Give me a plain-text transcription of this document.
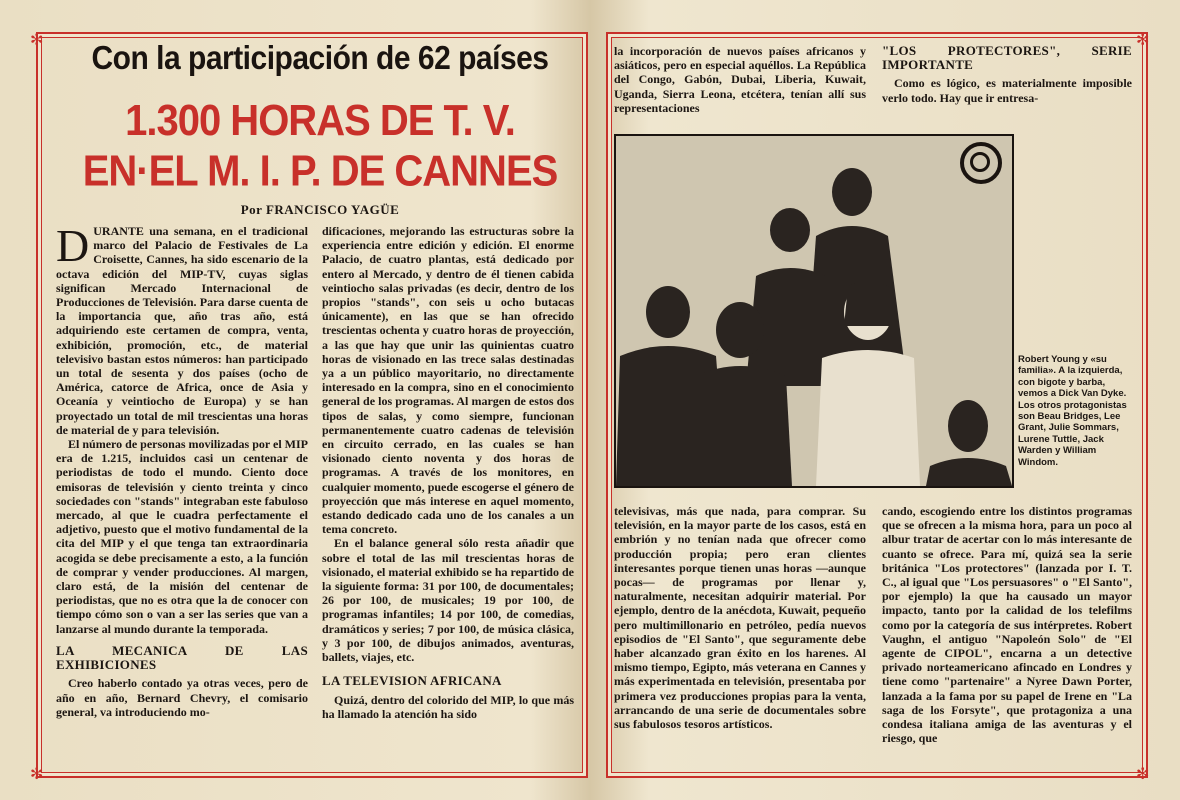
✻
✻
✻
✻
Con la participación de 62 países
1.300 HORAS DE T. V.
EN·EL M. I. P. DE CANNES
Por FRANCISCO YAGÜE

DURANTE una semana, en el tradicional marco del Palacio de Festivales de La Croisette, Cannes, ha sido escenario de la octava edición del MIP-TV, cuyas siglas significan Mercado Internacional de Producciones de Televisión. Para darse cuenta de la importancia que, año tras año, está adquiriendo este certamen de compra, venta, exhibición, promoción, etc., de material televisivo bastan estos números: han participado un total de sesenta y dos países (ocho de América, catorce de Africa, once de Asia y Oceanía y veintiocho de Europa) y se han proyectado un total de mil trescientas una horas de material de y para televisión.

El número de personas movilizadas por el MIP era de 1.215, incluidos casi un centenar de periodistas de todo el mundo. Ciento doce emisoras de televisión y ciento treinta y cinco sociedades con "stands" integraban este fabuloso mercado, al que le cuadra perfectamente el adjetivo, puesto que el motivo fundamental de la cita del MIP y el que tenga tan extraordinaria acogida se debe precisamente a esto, a la función de comprar y vender producciones. Al margen, claro está, de la misión del centenar de periodistas, que no es otra que la de conocer con tiempo cómo son o van a ser las series que van a lanzarse al mundo durante la temporada.

LA MECANICA DE LAS EXHIBICIONES

Creo haberlo contado ya otras veces, pero de año en año, Bernard Chevry, el comisario general, va introduciendo mo-

dificaciones, mejorando las estructuras sobre la experiencia entre edición y edición. El enorme Palacio, de cuatro plantas, está dedicado por entero al Mercado, y dentro de él tienen cabida veintiocho salas privadas (es decir, dentro de los propios "stands", con seis u ocho butacas únicamente), en las que se han ofrecido trescientas ochenta y cuatro horas de proyección, a las que hay que unir las quinientas cuatro horas de visionado en las trece salas destinadas ya a un público mayoritario, no directamente interesado en la compra, sino en el conocimiento general de los programas. Al margen de estos dos tipos de salas, y como siempre, funcionan permanentemente cuatro cadenas de televisión en circuito cerrado, en las cuales se han visionado ciento noventa y dos horas de programas. A través de los monitores, en cualquier momento, puede escogerse el género de proyección que más interese en aquel momento, estando dedicado cada uno de los canales a un tema concreto.

En el balance general sólo resta añadir que sobre el total de las mil trescientas horas de visionado, el material exhibido se ha repartido de la siguiente forma: 31 por 100, de documentales; 26 por 100, de musicales; 19 por 100, de programas infantiles; 14 por 100, de comedias, dramáticos y series; 7 por 100, de música clásica, y 3 por 100, de dibujos animados, aventuras, ballets, viajes, etc.

LA TELEVISION AFRICANA

Quizá, dentro del colorido del MIP, lo que más ha llamado la atención ha sido

la incorporación de nuevos países africanos y asiáticos, pero en especial aquéllos. La República del Congo, Gabón, Dubai, Liberia, Kuwait, Uganda, Sierra Leona, etcétera, tenían allí sus representaciones

"LOS PROTECTORES", SERIE IMPORTANTE

Como es lógico, es materialmente imposible verlo todo. Hay que ir entresa-

Robert Young y «su familia». A la izquierda, con bigote y barba, vemos a Dick Van Dyke. Los otros protagonistas son Beau Bridges, Lee Grant, Julie Sommars, Lurene Tuttle, Jack Warden y William Windom.

televisivas, más que nada, para comprar. Su televisión, en la mayor parte de los casos, está en embrión y no tenían nada que ofrecer como producción propia; pero eran clientes interesantes porque tienen unas horas —aunque pocas— de programas por llenar y, naturalmente, necesitan adquirir material. Por ejemplo, dentro de la anécdota, Kuwait, pequeño pero multimillonario en petróleo, pedía nuevos episodios de "El Santo", que seguramente debe haber alcanzado gran éxito en los harenes. Al mismo tiempo, Egipto, más veterana en Cannes y más experimentada en televisión, presentaba por primera vez producciones propias para la venta, arrancando de una serie de documentales sobre sus fabulosos tesoros artísticos.

cando, escogiendo entre los distintos programas que se ofrecen a la misma hora, para un poco al albur tratar de acertar con lo más interesante de cuanto se ofrece. Para mí, quizá sea la serie británica "Los protectores" (lanzada por I. T. C., al igual que "Los persuasores" o "El Santo", por ejemplo) la que ha causado un mayor impacto, tanto por la calidad de los telefilms como por la categoría de sus intérpretes. Robert Vaughn, el antiguo "Napoleón Solo" de "El agente de CIPOL", encarna a un detective privado norteamericano afincado en Londres y tiene como "partenaire" a Nyree Dawn Porter, lanzada a la fama por su papel de Irene en "La saga de los Forsyte", que protagoniza a una condesa italiana amiga de las aventuras y el riesgo, que
